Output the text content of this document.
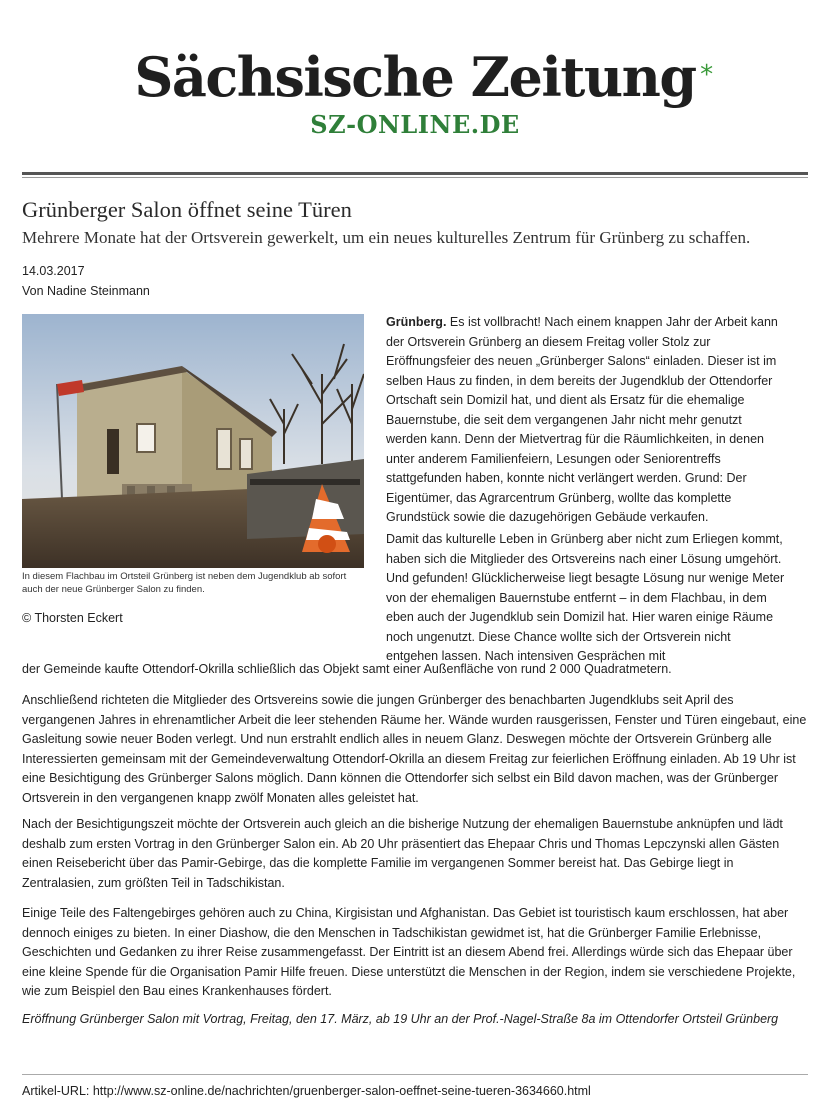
Sächsische Zeitung *
SZ-ONLINE.DE
Grünberger Salon öffnet seine Türen

Mehrere Monate hat der Ortsverein gewerkelt, um ein neues kulturelles Zentrum für Grünberg zu schaffen.

14.03.2017
Von Nadine Steinmann
In diesem Flachbau im Ortsteil Grünberg ist neben dem Jugendklub ab sofort auch der neue Grünberger Salon zu finden.
© Thorsten Eckert

Grünberg. Es ist vollbracht! Nach einem knappen Jahr der Arbeit kann der Ortsverein Grünberg an diesem Freitag voller Stolz zur Eröffnungsfeier des neuen „Grünberger Salons“ einladen. Dieser ist im selben Haus zu finden, in dem bereits der Jugendklub der Ottendorfer Ortschaft sein Domizil hat, und dient als Ersatz für die ehemalige Bauernstube, die seit dem vergangenen Jahr nicht mehr genutzt werden kann. Denn der Mietvertrag für die Räumlichkeiten, in denen unter anderem Familienfeiern, Lesungen oder Seniorentreffs stattgefunden haben, konnte nicht verlängert werden. Grund: Der Eigentümer, das Agrarcentrum Grünberg, wollte das komplette Grundstück sowie die dazugehörigen Gebäude verkaufen.

Damit das kulturelle Leben in Grünberg aber nicht zum Erliegen kommt, haben sich die Mitglieder des Ortsvereins nach einer Lösung umgehört. Und gefunden! Glücklicherweise liegt besagte Lösung nur wenige Meter von der ehemaligen Bauernstube entfernt – in dem Flachbau, in dem eben auch der Jugendklub sein Domizil hat. Hier waren einige Räume noch ungenutzt. Diese Chance wollte sich der Ortsverein nicht entgehen lassen. Nach intensiven Gesprächen mit

der Gemeinde kaufte Ottendorf-Okrilla schließlich das Objekt samt einer Außenfläche von rund 2 000 Quadratmetern.

Anschließend richteten die Mitglieder des Ortsvereins sowie die jungen Grünberger des benachbarten Jugendklubs seit April des vergangenen Jahres in ehrenamtlicher Arbeit die leer stehenden Räume her. Wände wurden rausgerissen, Fenster und Türen eingebaut, eine Gasleitung sowie neuer Boden verlegt. Und nun erstrahlt endlich alles in neuem Glanz. Deswegen möchte der Ortsverein Grünberg alle Interessierten gemeinsam mit der Gemeindeverwaltung Ottendorf-Okrilla an diesem Freitag zur feierlichen Eröffnung einladen. Ab 19 Uhr ist eine Besichtigung des Grünberger Salons möglich. Dann können die Ottendorfer sich selbst ein Bild davon machen, was der Grünberger Ortsverein in den vergangenen knapp zwölf Monaten alles geleistet hat.

Nach der Besichtigungszeit möchte der Ortsverein auch gleich an die bisherige Nutzung der ehemaligen Bauernstube anknüpfen und lädt deshalb zum ersten Vortrag in den Grünberger Salon ein. Ab 20 Uhr präsentiert das Ehepaar Chris und Thomas Lepczynski allen Gästen einen Reisebericht über das Pamir-Gebirge, das die komplette Familie im vergangenen Sommer bereist hat. Das Gebirge liegt in Zentralasien, zum größten Teil in Tadschikistan.

Einige Teile des Faltengebirges gehören auch zu China, Kirgisistan und Afghanistan. Das Gebiet ist touristisch kaum erschlossen, hat aber dennoch einiges zu bieten. In einer Diashow, die den Menschen in Tadschikistan gewidmet ist, hat die Grünberger Familie Erlebnisse, Geschichten und Gedanken zu ihrer Reise zusammengefasst. Der Eintritt ist an diesem Abend frei. Allerdings würde sich das Ehepaar über eine kleine Spende für die Organisation Pamir Hilfe freuen. Diese unterstützt die Menschen in der Region, indem sie verschiedene Projekte, wie zum Beispiel den Bau eines Krankenhauses fördert.

Eröffnung Grünberger Salon mit Vortrag, Freitag, den 17. März, ab 19 Uhr an der Prof.-Nagel-Straße 8a im Ottendorfer Ortsteil Grünberg

Artikel-URL: http://www.sz-online.de/nachrichten/gruenberger-salon-oeffnet-seine-tueren-3634660.html
